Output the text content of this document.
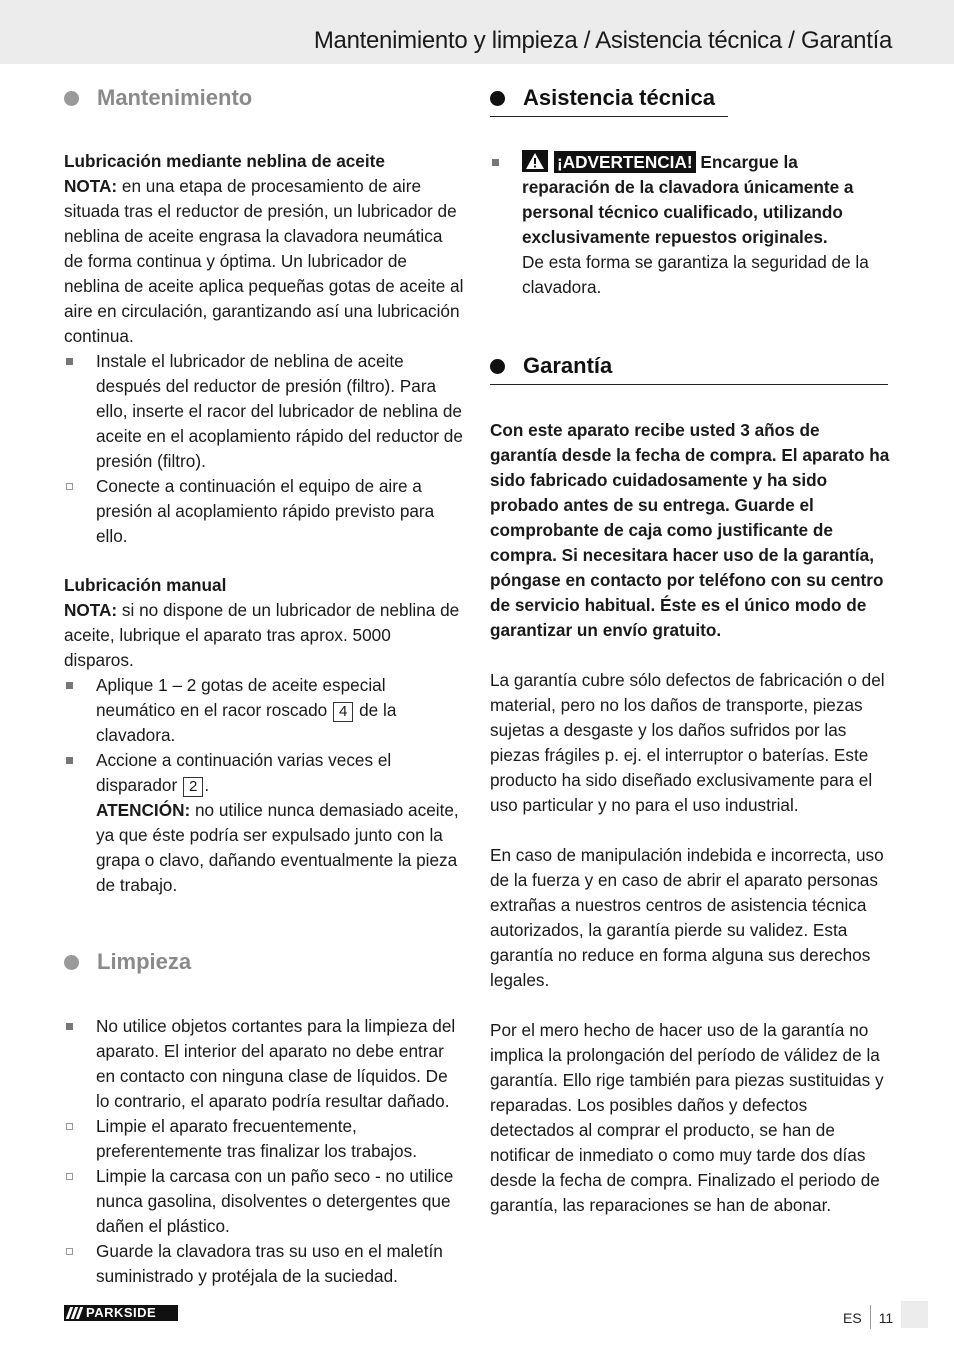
Mantenimiento y limpieza / Asistencia técnica / Garantía
Mantenimiento

Lubricación mediante neblina de aceite

NOTA: en una etapa de procesamiento de aire situada tras el reductor de presión, un lubricador de neblina de aceite engrasa la clavadora neumática de forma continua y óptima. Un lubricador de neblina de aceite aplica pequeñas gotas de aceite al aire en circulación, garantizando así una lubricación continua.

Instale el lubricador de neblina de aceite después del reductor de presión (filtro). Para ello, inserte el racor del lubricador de neblina de aceite en el acoplamiento rápido del reductor de presión (filtro).
Conecte a continuación el equipo de aire a presión al acoplamiento rápido previsto para ello.

Lubricación manual

NOTA: si no dispone de un lubricador de neblina de aceite, lubrique el aparato tras aprox. 5000 disparos.

Aplique 1 – 2 gotas de aceite especial neumático en el racor roscado 4 de la clavadora.
Accione a continuación varias veces el disparador 2 .
ATENCIÓN: no utilice nunca demasiado aceite, ya que éste podría ser expulsado junto con la grapa o clavo, dañando eventualmente la pieza de trabajo.
Limpieza
No utilice objetos cortantes para la limpieza del aparato. El interior del aparato no debe entrar en contacto con ninguna clase de líquidos. De lo contrario, el aparato podría resultar dañado.
Limpie el aparato frecuentemente, preferentemente tras finalizar los trabajos.
Limpie la carcasa con un paño seco - no utilice nunca gasolina, disolventes o detergentes que dañen el plástico.
Guarde la clavadora tras su uso en el maletín suministrado y protéjala de la suciedad.
Asistencia técnica
¡ADVERTENCIA! Encargue la reparación de la clavadora únicamente a personal técnico cualificado, utilizando exclusivamente repuestos originales.
De esta forma se garantiza la seguridad de la clavadora.
Garantía

Con este aparato recibe usted 3 años de garantía desde la fecha de compra. El aparato ha sido fabricado cuidadosamente y ha sido probado antes de su entrega. Guarde el comprobante de caja como justificante de compra. Si necesitara hacer uso de la garantía, póngase en contacto por teléfono con su centro de servicio habitual. Éste es el único modo de garantizar un envío gratuito.

La garantía cubre sólo defectos de fabricación o del material, pero no los daños de transporte, piezas sujetas a desgaste y los daños sufridos por las piezas frágiles p. ej. el interruptor o baterías. Este producto ha sido diseñado exclusivamente para el uso particular y no para el uso industrial.

En caso de manipulación indebida e incorrecta, uso de la fuerza y en caso de abrir el aparato personas extrañas a nuestros centros de asistencia técnica autorizados, la garantía pierde su validez. Esta garantía no reduce en forma alguna sus derechos legales.

Por el mero hecho de hacer uso de la garantía no implica la prolongación del período de válidez de la garantía. Ello rige también para piezas sustituidas y reparadas. Los posibles daños y defectos detectados al comprar el producto, se han de notificar de inmediato o como muy tarde dos días desde la fecha de compra. Finalizado el periodo de garantía, las reparaciones se han de abonar.

PARKSIDE	ES 11
